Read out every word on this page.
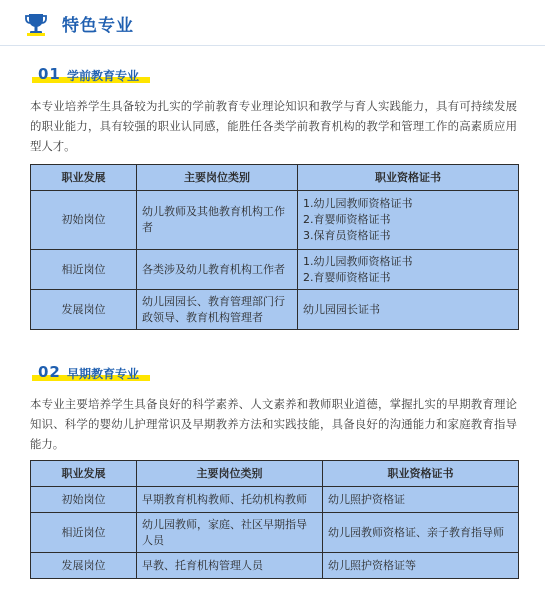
特色专业
01 学前教育专业

本专业培养学生具备较为扎实的学前教育专业理论知识和教学与育人实践能力，具有可持续发展的职业能力，具有较强的职业认同感，能胜任各类学前教育机构的教学和管理工作的高素质应用型人才。

职业发展	主要岗位类别	职业资格证书
初始岗位	幼儿教师及其他教育机构工作者	1.幼儿园教师资格证书
2.育婴师资格证书
3.保育员资格证书

相近岗位	各类涉及幼儿教育机构工作者	1.幼儿园教师资格证书
2.育婴师资格证书

发展岗位	幼儿园园长、教育管理部门行政领导、教育机构管理者	幼儿园园长证书
02 早期教育专业

本专业主要培养学生具备良好的科学素养、人文素养和教师职业道德，掌握扎实的早期教育理论知识、科学的婴幼儿护理常识及早期教养方法和实践技能，具备良好的沟通能力和家庭教育指导能力。

职业发展	主要岗位类别	职业资格证书
初始岗位	早期教育机构教师、托幼机构教师	幼儿照护资格证

相近岗位	幼儿园教师，家庭、社区早期指导人员	幼儿园教师资格证、亲子教育指导师

发展岗位	早教、托育机构管理人员	幼儿照护资格证等
